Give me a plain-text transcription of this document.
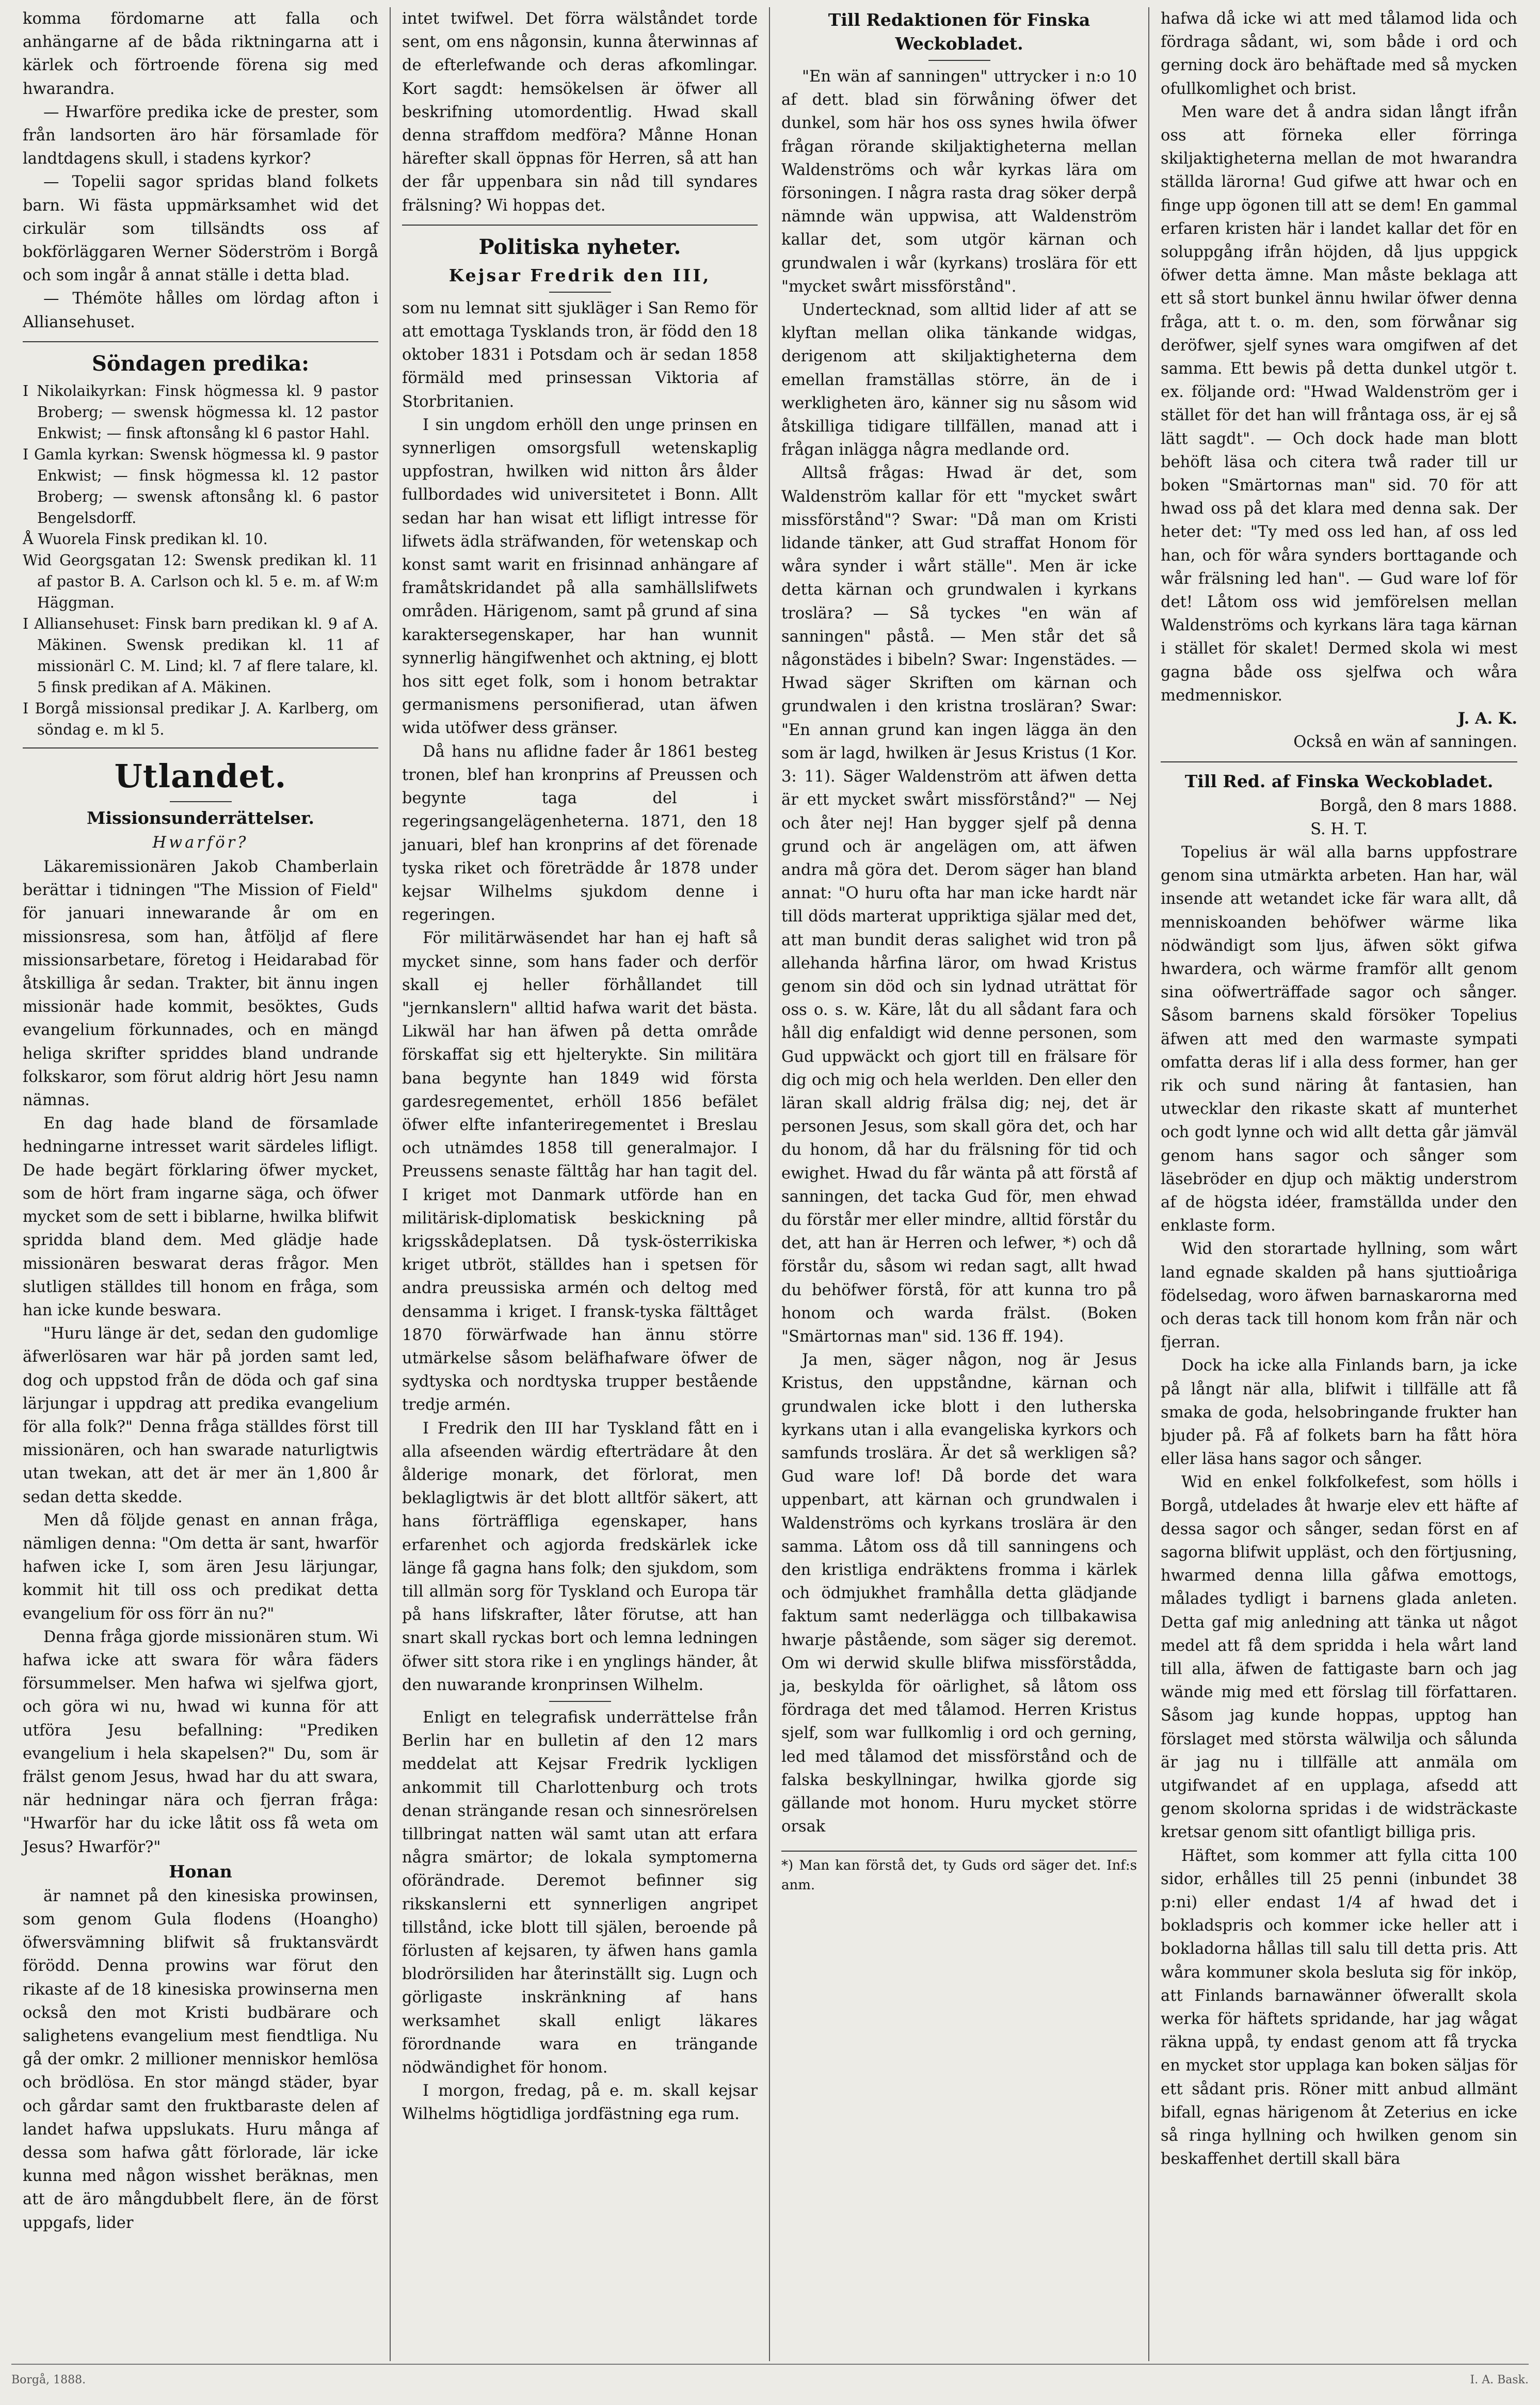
komma fördomarne att falla och anhängarne af de båda riktningarna att i kärlek och förtroende förena sig med hwarandra.

— Hwarföre predika icke de prester, som från landsorten äro här församlade för landtdagens skull, i stadens kyrkor?

— Topelii sagor spridas bland folkets barn. Wi fästa uppmärksamhet wid det cirkulär som tillsändts oss af bokförläggaren Werner Söderström i Borgå och som ingår å annat ställe i detta blad.

— Thémöte hålles om lördag afton i Alliansehuset.

Söndagen predika:
I Nikolaikyrkan: Finsk högmessa kl. 9 pastor Broberg; — swensk högmessa kl. 12 pastor Enkwist; — finsk aftonsång kl 6 pastor Hahl.
I Gamla kyrkan: Swensk högmessa kl. 9 pastor Enkwist; — finsk högmessa kl. 12 pastor Broberg; — swensk aftonsång kl. 6 pastor Bengelsdorff.
Å Wuorela Finsk predikan kl. 10.
Wid Georgsgatan 12: Swensk predikan kl. 11 af pastor B. A. Carlson och kl. 5 e. m. af W:m Häggman.
I Alliansehuset: Finsk barn predikan kl. 9 af A. Mäkinen. Swensk predikan kl. 11 af missionärl C. M. Lind; kl. 7 af flere talare, kl. 5 finsk predikan af A. Mäkinen.
I Borgå missionsal predikar J. A. Karlberg, om söndag e. m kl 5.
Utlandet.
Missionsunderrättelser.
Hwarför?

Läkaremissionären Jakob Chamberlain berättar i tidningen "The Mission of Field" för januari innewarande år om en missionsresa, som han, åtföljd af flere missionsarbetare, företog i Heidarabad för åtskilliga år sedan. Trakter, bit ännu ingen missionär hade kommit, besöktes, Guds evangelium förkunnades, och en mängd heliga skrifter spriddes bland undrande folkskaror, som förut aldrig hört Jesu namn nämnas.

En dag hade bland de församlade hedningarne intresset warit särdeles lifligt. De hade begärt förklaring öfwer mycket, som de hört fram ingarne säga, och öfwer mycket som de sett i biblarne, hwilka blifwit spridda bland dem. Med glädje hade missionären beswarat deras frågor. Men slutligen ställdes till honom en fråga, som han icke kunde beswara.

"Huru länge är det, sedan den gudomlige äfwerlösaren war här på jorden samt led, dog och uppstod från de döda och gaf sina lärjungar i uppdrag att predika evangelium för alla folk?" Denna fråga ställdes först till missionären, och han swarade naturligtwis utan twekan, att det är mer än 1,800 år sedan detta skedde.

Men då följde genast en annan fråga, nämligen denna: "Om detta är sant, hwarför hafwen icke I, som ären Jesu lärjungar, kommit hit till oss och predikat detta evangelium för oss förr än nu?"

Denna fråga gjorde missionären stum. Wi hafwa icke att swara för wåra fäders försummelser. Men hafwa wi sjelfwa gjort, och göra wi nu, hwad wi kunna för att utföra Jesu befallning: "Prediken evangelium i hela skapelsen?" Du, som är frälst genom Jesus, hwad har du att swara, när hedningar nära och fjerran fråga: "Hwarför har du icke låtit oss få weta om Jesus? Hwarför?"

Honan

är namnet på den kinesiska prowinsen, som genom Gula flodens (Hoangho) öfwersvämning blifwit så fruktansvärdt förödd. Denna prowins war förut den rikaste af de 18 kinesiska prowinserna men också den mot Kristi budbärare och salighetens evangelium mest fiendtliga. Nu gå der omkr. 2 millioner menniskor hemlösa och brödlösa. En stor mängd städer, byar och gårdar samt den fruktbaraste delen af landet hafwa uppslukats. Huru många af dessa som hafwa gått förlorade, lär icke kunna med någon wisshet beräknas, men att de äro mångdubbelt flere, än de först uppgafs, lider

intet twifwel. Det förra wälståndet torde sent, om ens någonsin, kunna återwinnas af de efterlefwande och deras afkomlingar. Kort sagdt: hemsökelsen är öfwer all beskrifning utomordentlig. Hwad skall denna straffdom medföra? Månne Honan härefter skall öppnas för Herren, så att han der får uppenbara sin nåd till syndares frälsning? Wi hoppas det.

Politiska nyheter.
Kejsar Fredrik den III,

som nu lemnat sitt sjukläger i San Remo för att emottaga Tysklands tron, är född den 18 oktober 1831 i Potsdam och är sedan 1858 förmäld med prinsessan Viktoria af Storbritanien.

I sin ungdom erhöll den unge prinsen en synnerligen omsorgsfull wetenskaplig uppfostran, hwilken wid nitton års ålder fullbordades wid universitetet i Bonn. Allt sedan har han wisat ett lifligt intresse för lifwets ädla sträfwanden, för wetenskap och konst samt warit en frisinnad anhängare af framåtskridandet på alla samhällslifwets områden. Härigenom, samt på grund af sina karaktersegenskaper, har han wunnit synnerlig hängifwenhet och aktning, ej blott hos sitt eget folk, som i honom betraktar germanismens personifierad, utan äfwen wida utöfwer dess gränser.

Då hans nu aflidne fader år 1861 besteg tronen, blef han kronprins af Preussen och begynte taga del i regeringsangelägenheterna. 1871, den 18 januari, blef han kronprins af det förenade tyska riket och företrädde år 1878 under kejsar Wilhelms sjukdom denne i regeringen.

För militärwäsendet har han ej haft så mycket sinne, som hans fader och derför skall ej heller förhållandet till "jernkanslern" alltid hafwa warit det bästa. Likwäl har han äfwen på detta område förskaffat sig ett hjelterykte. Sin militära bana begynte han 1849 wid första gardesregementet, erhöll 1856 befälet öfwer elfte infanteriregementet i Breslau och utnämdes 1858 till generalmajor. I Preussens senaste fälttåg har han tagit del. I kriget mot Danmark utförde han en militärisk-diplomatisk beskickning på krigsskådeplatsen. Då tysk-österrikiska kriget utbröt, ställdes han i spetsen för andra preussiska armén och deltog med densamma i kriget. I fransk-tyska fälttåget 1870 förwärfwade han ännu större utmärkelse såsom beläfhafware öfwer de sydtyska och nordtyska trupper bestående tredje armén.

I Fredrik den III har Tyskland fått en i alla afseenden wärdig efterträdare åt den ålderige monark, det förlorat, men beklagligtwis är det blott alltför säkert, att hans förträffliga egenskaper, hans erfarenhet och agjorda fredskärlek icke länge få gagna hans folk; den sjukdom, som till allmän sorg för Tyskland och Europa tär på hans lifskrafter, låter förutse, att han snart skall ryckas bort och lemna ledningen öfwer sitt stora rike i en ynglings händer, åt den nuwarande kronprinsen Wilhelm.

Enligt en telegrafisk underrättelse från Berlin har en bulletin af den 12 mars meddelat att Kejsar Fredrik lyckligen ankommit till Charlottenburg och trots denan strängande resan och sinnesrörelsen tillbringat natten wäl samt utan att erfara några smärtor; de lokala symptomerna oförändrade. Deremot befinner sig rikskanslerni ett synnerligen angripet tillstånd, icke blott till själen, beroende på förlusten af kejsaren, ty äfwen hans gamla blodrörsiliden har återinställt sig. Lugn och görligaste inskränkning af hans werksamhet skall enligt läkares förordnande wara en trängande nödwändighet för honom.

I morgon, fredag, på e. m. skall kejsar Wilhelms högtidliga jordfästning ega rum.

Till Redaktionen för Finska Weckobladet.

"En wän af sanningen" uttrycker i n:o 10 af dett. blad sin förwåning öfwer det dunkel, som här hos oss synes hwila öfwer frågan rörande skiljaktigheterna mellan Waldenströms och wår kyrkas lära om försoningen. I några rasta drag söker derpå nämnde wän uppwisa, att Waldenström kallar det, som utgör kärnan och grundwalen i wår (kyrkans) troslära för ett "mycket swårt missförstånd".

Undertecknad, som alltid lider af att se klyftan mellan olika tänkande widgas, derigenom att skiljaktigheterna dem emellan framställas större, än de i werkligheten äro, känner sig nu såsom wid åtskilliga tidigare tillfällen, manad att i frågan inlägga några medlande ord.

Alltså frågas: Hwad är det, som Waldenström kallar för ett "mycket swårt missförstånd"? Swar: "Då man om Kristi lidande tänker, att Gud straffat Honom för wåra synder i wårt ställe". Men är icke detta kärnan och grundwalen i kyrkans troslära? — Så tyckes "en wän af sanningen" påstå. — Men står det så någonstädes i bibeln? Swar: Ingenstädes. — Hwad säger Skriften om kärnan och grundwalen i den kristna trosläran? Swar: "En annan grund kan ingen lägga än den som är lagd, hwilken är Jesus Kristus (1 Kor. 3: 11). Säger Waldenström att äfwen detta är ett mycket swårt missförstånd?" — Nej och åter nej! Han bygger sjelf på denna grund och är angelägen om, att äfwen andra må göra det. Derom säger han bland annat: "O huru ofta har man icke hardt när till döds marterat uppriktiga själar med det, att man bundit deras salighet wid tron på allehanda hårfina läror, om hwad Kristus genom sin död och sin lydnad uträttat för oss o. s. w. Käre, låt du all sådant fara och håll dig enfaldigt wid denne personen, som Gud uppwäckt och gjort till en frälsare för dig och mig och hela werlden. Den eller den läran skall aldrig frälsa dig; nej, det är personen Jesus, som skall göra det, och har du honom, då har du frälsning för tid och ewighet. Hwad du får wänta på att förstå af sanningen, det tacka Gud för, men ehwad du förstår mer eller mindre, alltid förstår du det, att han är Herren och lefwer, *) och då förstår du, såsom wi redan sagt, allt hwad du behöfwer förstå, för att kunna tro på honom och warda frälst. (Boken "Smärtornas man" sid. 136 ff. 194).

Ja men, säger någon, nog är Jesus Kristus, den uppståndne, kärnan och grundwalen icke blott i den lutherska kyrkans utan i alla evangeliska kyrkors och samfunds troslära. Är det så werkligen så? Gud ware lof! Då borde det wara uppenbart, att kärnan och grundwalen i Waldenströms och kyrkans troslära är den samma. Låtom oss då till sanningens och den kristliga endräktens fromma i kärlek och ödmjukhet framhålla detta glädjande faktum samt nederlägga och tillbakawisa hwarje påstående, som säger sig deremot. Om wi derwid skulle blifwa missförstådda, ja, beskylda för oärlighet, så låtom oss fördraga det med tålamod. Herren Kristus sjelf, som war fullkomlig i ord och gerning, led med tålamod det missförstånd och de falska beskyllningar, hwilka gjorde sig gällande mot honom. Huru mycket större orsak

*) Man kan förstå det, ty Guds ord säger det. Inf:s anm.

hafwa då icke wi att med tålamod lida och fördraga sådant, wi, som både i ord och gerning dock äro behäftade med så mycken ofullkomlighet och brist.

Men ware det å andra sidan långt ifrån oss att förneka eller förringa skiljaktigheterna mellan de mot hwarandra ställda lärorna! Gud gifwe att hwar och en finge upp ögonen till att se dem! En gammal erfaren kristen här i landet kallar det för en soluppgång ifrån höjden, då ljus uppgick öfwer detta ämne. Man måste beklaga att ett så stort bunkel ännu hwilar öfwer denna fråga, att t. o. m. den, som förwånar sig deröfwer, sjelf synes wara omgifwen af det samma. Ett bewis på detta dunkel utgör t. ex. följande ord: "Hwad Waldenström ger i stället för det han will fråntaga oss, är ej så lätt sagdt". — Och dock hade man blott behöft läsa och citera twå rader till ur boken "Smärtornas man" sid. 70 för att hwad oss på det klara med denna sak. Der heter det: "Ty med oss led han, af oss led han, och för wåra synders borttagande och wår frälsning led han". — Gud ware lof för det! Låtom oss wid jemförelsen mellan Waldenströms och kyrkans lära taga kärnan i stället för skalet! Dermed skola wi mest gagna både oss sjelfwa och wåra medmenniskor.

J. A. K.
Också en wän af sanningen.
Till Red. af Finska Weckobladet.
Borgå, den 8 mars 1888.
S. H. T.

Topelius är wäl alla barns uppfostrare genom sina utmärkta arbeten. Han har, wäl insende att wetandet icke fär wara allt, då menniskoanden behöfwer wärme lika nödwändigt som ljus, äfwen sökt gifwa hwardera, och wärme framför allt genom sina oöfwerträffade sagor och sånger. Såsom barnens skald försöker Topelius äfwen att med den warmaste sympati omfatta deras lif i alla dess former, han ger rik och sund näring åt fantasien, han utwecklar den rikaste skatt af munterhet och godt lynne och wid allt detta går jämväl genom hans sagor och sånger som läsebröder en djup och mäktig understrom af de högsta idéer, framställda under den enklaste form.

Wid den storartade hyllning, som wårt land egnade skalden på hans sjuttioåriga födelsedag, woro äfwen barnaskarorna med och deras tack till honom kom från när och fjerran.

Dock ha icke alla Finlands barn, ja icke på långt när alla, blifwit i tillfälle att få smaka de goda, helsobringande frukter han bjuder på. Få af folkets barn ha fått höra eller läsa hans sagor och sånger.

Wid en enkel folkfolkefest, som hölls i Borgå, utdelades åt hwarje elev ett häfte af dessa sagor och sånger, sedan först en af sagorna blifwit uppläst, och den förtjusning, hwarmed denna lilla gåfwa emottogs, målades tydligt i barnens glada anleten. Detta gaf mig anledning att tänka ut något medel att få dem spridda i hela wårt land till alla, äfwen de fattigaste barn och jag wände mig med ett förslag till författaren. Såsom jag kunde hoppas, upptog han förslaget med största wälwilja och sålunda är jag nu i tillfälle att anmäla om utgifwandet af en upplaga, afsedd att genom skolorna spridas i de widsträckaste kretsar genom sitt ofantligt billiga pris.

Häftet, som kommer att fylla citta 100 sidor, erhålles till 25 penni (inbundet 38 p:ni) eller endast 1/4 af hwad det i bokladspris och kommer icke heller att i bokladorna hållas till salu till detta pris. Att wåra kommuner skola besluta sig för inköp, att Finlands barnawänner öfwerallt skola werka för häftets spridande, har jag wågat räkna uppå, ty endast genom att få trycka en mycket stor upplaga kan boken säljas för ett sådant pris. Röner mitt anbud allmänt bifall, egnas härigenom åt Zeterius en icke så ringa hyllning och hwilken genom sin beskaffenhet dertill skall bära

Borgå, 1888.	I. A. Bask.
